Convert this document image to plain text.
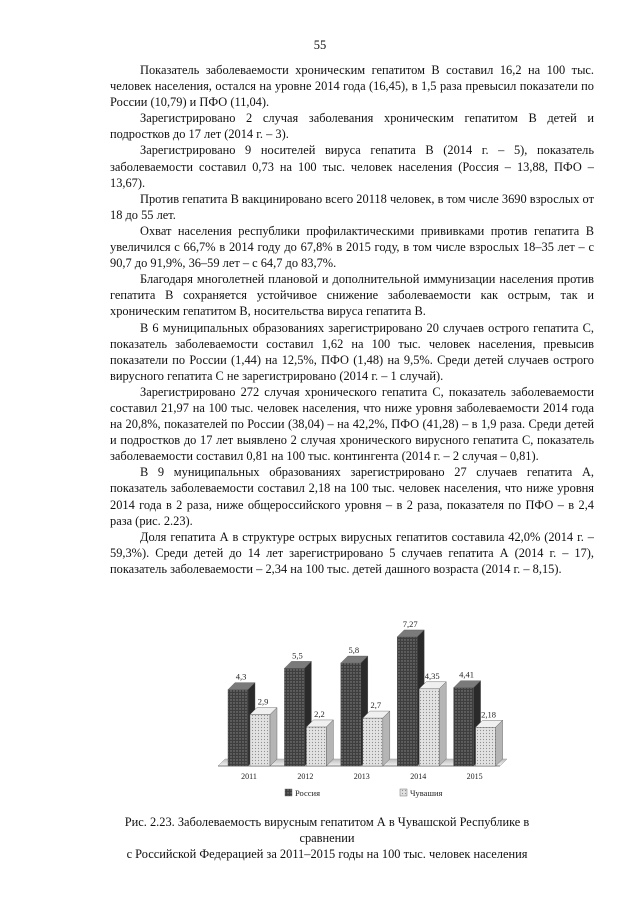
55

Показатель заболеваемости хроническим гепатитом В составил 16,2 на 100 тыс. человек населения, остался на уровне 2014 года (16,45), в 1,5 раза превысил показатели по России (10,79) и ПФО (11,04).

Зарегистрировано 2 случая заболевания хроническим гепатитом В детей и подростков до 17 лет (2014 г. – 3).

Зарегистрировано 9 носителей вируса гепатита В (2014 г. – 5), показатель заболеваемости составил 0,73 на 100 тыс. человек населения (Россия – 13,88, ПФО – 13,67).

Против гепатита В вакцинировано всего 20118 человек, в том числе 3690 взрослых от 18 до 55 лет.

Охват населения республики профилактическими прививками против гепатита В увеличился с 66,7% в 2014 году до 67,8% в 2015 году, в том числе взрослых 18–35 лет – с 90,7 до 91,9%, 36–59 лет – с 64,7 до 83,7%.

Благодаря многолетней плановой и дополнительной иммунизации населения против гепатита В сохраняется устойчивое снижение заболеваемости как острым, так и хроническим гепатитом В, носительства вируса гепатита В.

В 6 муниципальных образованиях зарегистрировано 20 случаев острого гепатита С, показатель заболеваемости составил 1,62 на 100 тыс. человек населения, превысив показатели по России (1,44) на 12,5%, ПФО (1,48) на 9,5%. Среди детей случаев острого вирусного гепатита С не зарегистрировано (2014 г. – 1 случай).

Зарегистрировано 272 случая хронического гепатита С, показатель заболеваемости составил 21,97 на 100 тыс. человек населения, что ниже уровня заболеваемости 2014 года на 20,8%, показателей по России (38,04) – на 42,2%, ПФО (41,28) – в 1,9 раза. Среди детей и подростков до 17 лет выявлено 2 случая хронического вирусного гепатита С, показатель заболеваемости составил 0,81 на 100 тыс. контингента (2014 г. – 2 случая – 0,81).

В 9 муниципальных образованиях зарегистрировано 27 случаев гепатита А, показатель заболеваемости составил 2,18 на 100 тыс. человек населения, что ниже уровня 2014 года в 2 раза, ниже общероссийского уровня – в 2 раза, показателя по ПФО – в 2,4 раза (рис. 2.23).

Доля гепатита А в структуре острых вирусных гепатитов составила 42,0% (2014 г. – 59,3%). Среди детей до 14 лет зарегистрировано 5 случаев гепатита А (2014 г. – 17), показатель заболеваемости – 2,34 на 100 тыс. детей дашного возраста (2014 г. – 8,15).

4,3
2,9
2011
5,5
2,2
2012
5,8
2,7
2013
7,27
4,35
2014
4,41
2,18
2015
Россия	Чувашия
Рис. 2.23. Заболеваемость вирусным гепатитом А в Чувашской Республике в сравнении
с Российской Федерацией за 2011–2015 годы на 100 тыс. человек населения
